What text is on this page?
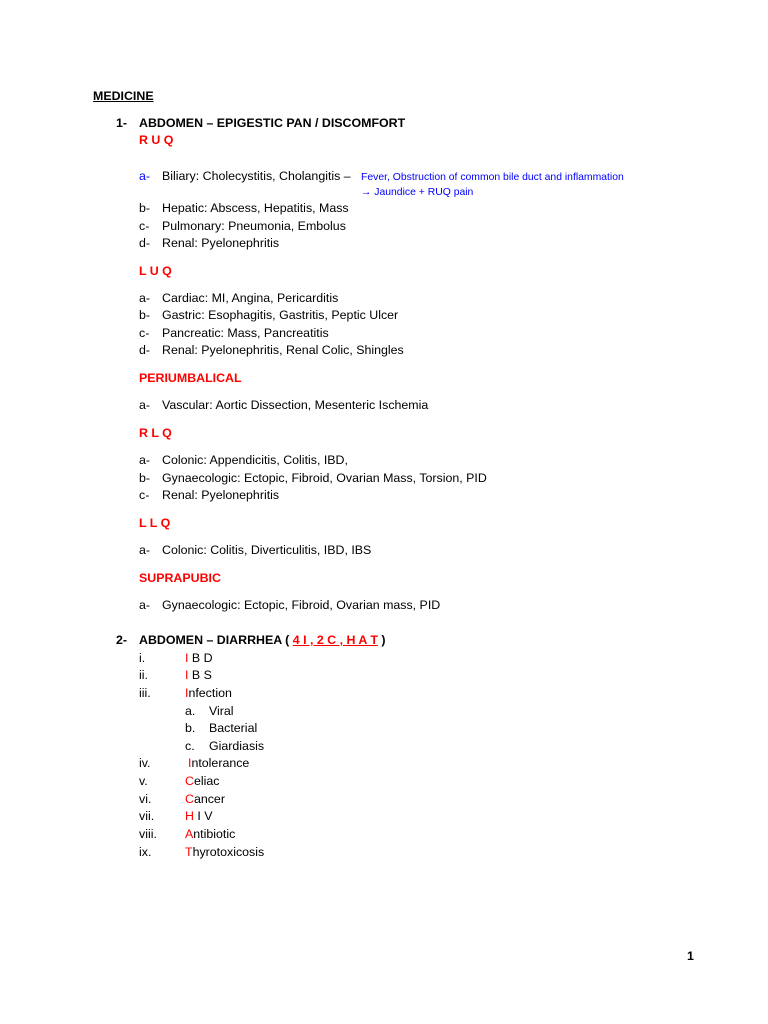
MEDICINE
1- ABDOMEN – EPIGESTIC PAN / DISCOMFORT
R U Q
a- Biliary: Cholecystitis, Cholangitis – Fever, Obstruction of common bile duct and inflammation
→ Jaundice + RUQ pain
b- Hepatic: Abscess, Hepatitis, Mass
c- Pulmonary: Pneumonia, Embolus
d- Renal: Pyelonephritis
L U Q
a- Cardiac: MI, Angina, Pericarditis
b- Gastric: Esophagitis, Gastritis, Peptic Ulcer
c- Pancreatic: Mass, Pancreatitis
d- Renal: Pyelonephritis, Renal Colic, Shingles
PERIUMBALICAL
a- Vascular: Aortic Dissection, Mesenteric Ischemia
R L Q
a- Colonic: Appendicitis, Colitis, IBD,
b- Gynaecologic: Ectopic, Fibroid, Ovarian Mass, Torsion, PID
c- Renal: Pyelonephritis
L L Q
a- Colonic: Colitis, Diverticulitis, IBD, IBS
SUPRAPUBIC
a- Gynaecologic: Ectopic, Fibroid, Ovarian mass, PID
2- ABDOMEN – DIARRHEA ( 4 I , 2 C , H A T )
i.	I B D
ii.	I B S
iii.	Infection
a. Viral
b. Bacterial
c. Giardiasis
iv.	Intolerance
v.	Celiac
vi.	Cancer
vii. H I V
viii. Antibiotic
ix.	Thyrotoxicosis
1
